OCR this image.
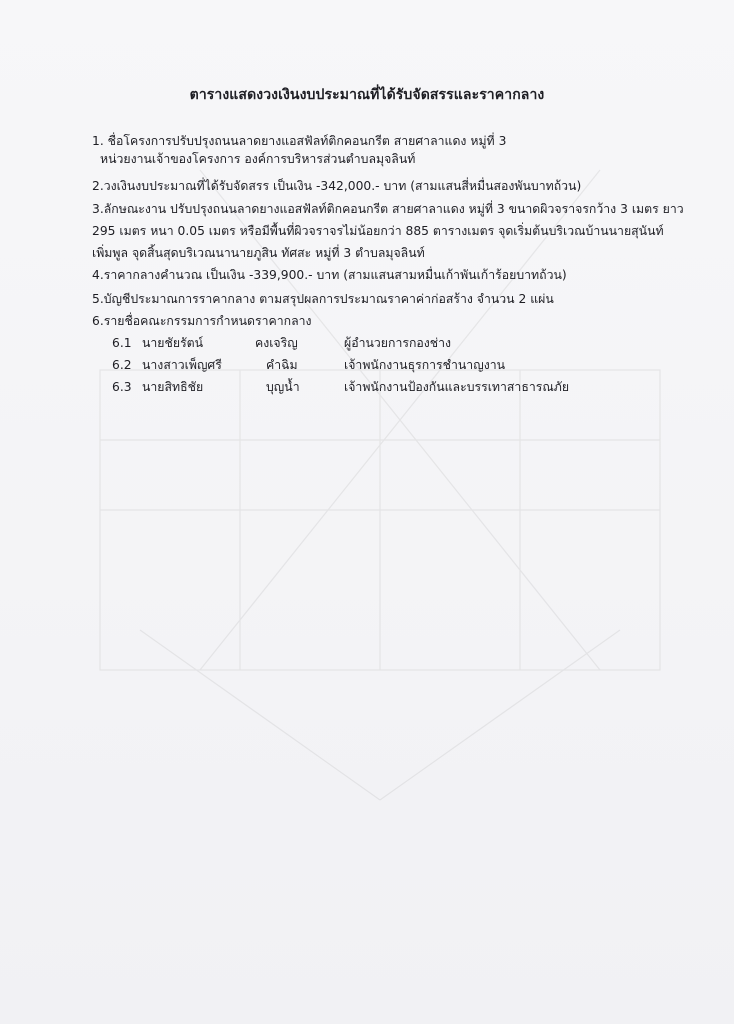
ตารางแสดงวงเงินงบประมาณที่ได้รับจัดสรรและราคากลาง
1. ชื่อโครงการปรับปรุงถนนลาดยางแอสฟัลท์ติกคอนกรีต สายศาลาแดง หมู่ที่ 3
หน่วยงานเจ้าของโครงการ องค์การบริหารส่วนตำบลมุจลินท์
2.วงเงินงบประมาณที่ได้รับจัดสรร เป็นเงิน -342,000.- บาท (สามแสนสี่หมื่นสองพันบาทถ้วน)
3.ลักษณะงาน ปรับปรุงถนนลาดยางแอสฟัลท์ติกคอนกรีต สายศาลาแดง หมู่ที่ 3 ขนาดผิวจราจรกว้าง 3 เมตร ยาว
295 เมตร หนา 0.05 เมตร หรือมีพื้นที่ผิวจราจรไม่น้อยกว่า 885 ตารางเมตร จุดเริ่มต้นบริเวณบ้านนายสุนันท์
เพิ่มพูล จุดสิ้นสุดบริเวณนานายภูสิน ทัศสะ หมู่ที่ 3 ตำบลมุจลินท์
4.ราคากลางคำนวณ เป็นเงิน -339,900.- บาท (สามแสนสามหมื่นเก้าพันเก้าร้อยบาทถ้วน)
5.บัญชีประมาณการราคากลาง ตามสรุปผลการประมาณราคาค่าก่อสร้าง จำนวน 2 แผ่น
6.รายชื่อคณะกรรมการกำหนดราคากลาง
6.1 นายชัยรัตน์	คงเจริญ	ผู้อำนวยการกองช่าง
6.2 นางสาวเพ็ญศรี	คำฉิม	เจ้าพนักงานธุรการชำนาญงาน
6.3 นายสิทธิชัย	บุญน้ำ	เจ้าพนักงานป้องกันและบรรเทาสาธารณภัย
